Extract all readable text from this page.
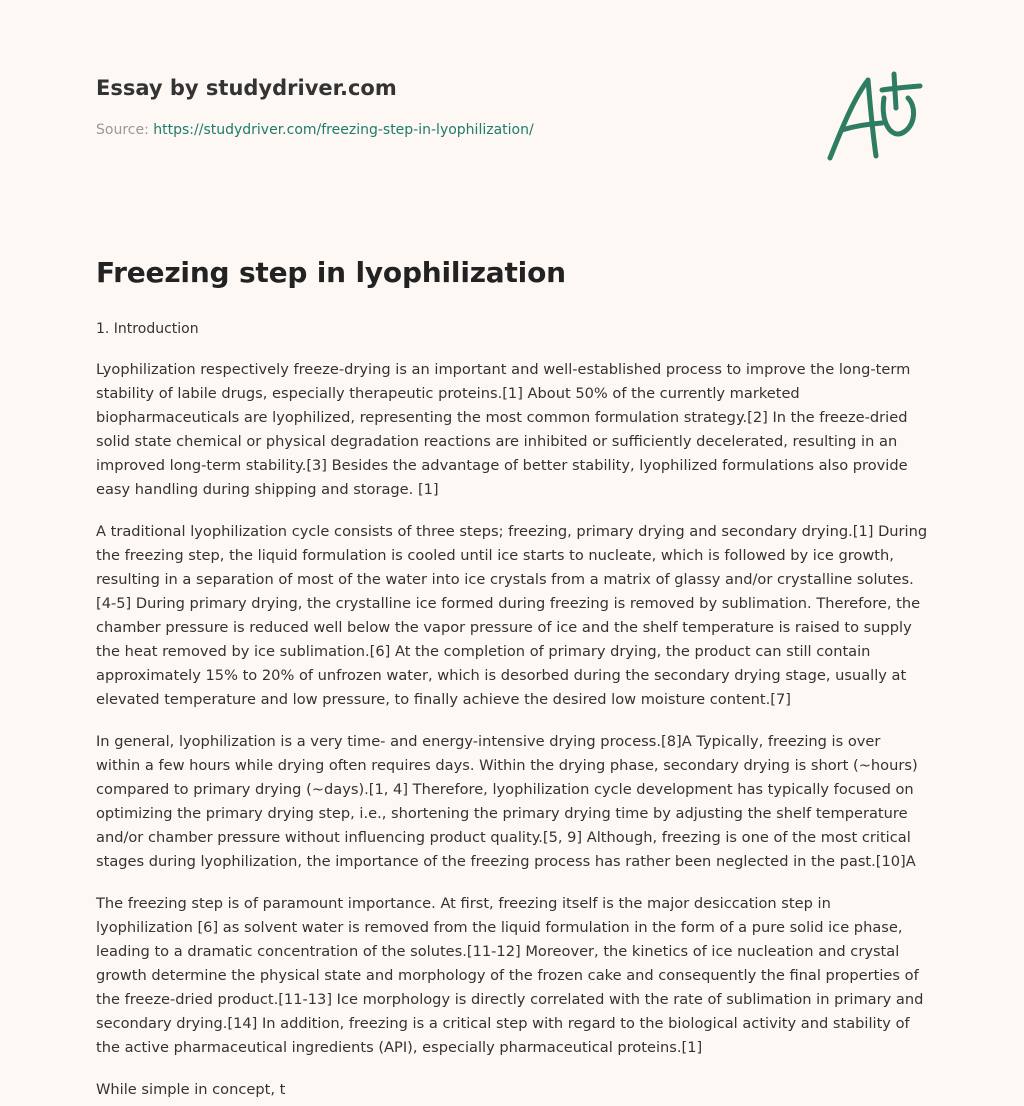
Essay by studydriver.com
Source: https://studydriver.com/freezing-step-in-lyophilization/
Freezing step in lyophilization
1. Introduction

Lyophilization respectively freeze-drying is an important and well-established process to improve the long-term stability of labile drugs, especially therapeutic proteins.[1] About 50% of the currently marketed biopharmaceuticals are lyophilized, representing the most common formulation strategy.[2] In the freeze-dried solid state chemical or physical degradation reactions are inhibited or sufficiently decelerated, resulting in an improved long-term stability.[3] Besides the advantage of better stability, lyophilized formulations also provide easy handling during shipping and storage. [1]

A traditional lyophilization cycle consists of three steps; freezing, primary drying and secondary drying.[1] During the freezing step, the liquid formulation is cooled until ice starts to nucleate, which is followed by ice growth, resulting in a separation of most of the water into ice crystals from a matrix of glassy and/or crystalline solutes.[4-5] During primary drying, the crystalline ice formed during freezing is removed by sublimation. Therefore, the chamber pressure is reduced well below the vapor pressure of ice and the shelf temperature is raised to supply the heat removed by ice sublimation.[6] At the completion of primary drying, the product can still contain approximately 15% to 20% of unfrozen water, which is desorbed during the secondary drying stage, usually at elevated temperature and low pressure, to finally achieve the desired low moisture content.[7]

In general, lyophilization is a very time- and energy-intensive drying process.[8]A Typically, freezing is over within a few hours while drying often requires days. Within the drying phase, secondary drying is short (~hours) compared to primary drying (~days).[1, 4] Therefore, lyophilization cycle development has typically focused on optimizing the primary drying step, i.e., shortening the primary drying time by adjusting the shelf temperature and/or chamber pressure without influencing product quality.[5, 9] Although, freezing is one of the most critical stages during lyophilization, the importance of the freezing process has rather been neglected in the past.[10]A

The freezing step is of paramount importance. At first, freezing itself is the major desiccation step in lyophilization [6] as solvent water is removed from the liquid formulation in the form of a pure solid ice phase, leading to a dramatic concentration of the solutes.[11-12] Moreover, the kinetics of ice nucleation and crystal growth determine the physical state and morphology of the frozen cake and consequently the final properties of the freeze-dried product.[11-13] Ice morphology is directly correlated with the rate of sublimation in primary and secondary drying.[14] In addition, freezing is a critical step with regard to the biological activity and stability of the active pharmaceutical ingredients (API), especially pharmaceutical proteins.[1]

While simple in concept, t
